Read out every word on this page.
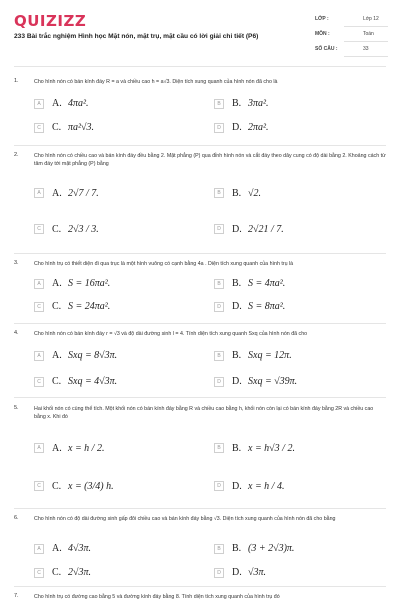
QUIZIZZ
233 Bài trắc nghiệm Hình học Mặt nón, mặt trụ, mặt cầu có lời giải chi tiết (P6)
LỚP :	Lớp 12
MÔN :	Toán
SỐ CÂU :	33
1.	Cho hình nón có bán kính đáy R = a và chiều cao h = a√3. Diện tích xung quanh của hình nón đã cho là
A	A. 4πa².	B	B. 3πa².
C	C. πa²√3.	D	D. 2πa².
2.	Cho hình nón có chiều cao và bán kính đáy đều bằng 2. Mặt phẳng (P) qua đỉnh hình nón và cắt đáy theo dây cung có độ dài bằng 2. Khoảng cách từ tâm đáy tới mặt phẳng (P) bằng
A	A. 2√7 / 7.	B	B. √2.
C	C. 2√3 / 3.	D	D. 2√21 / 7.
3.	Cho hình trụ có thiết diện đi qua trục là một hình vuông có cạnh bằng 4a . Diện tích xung quanh của hình trụ là
A	A. S = 16πa².	B	B. S = 4πa².
C	C. S = 24πa².	D	D. S = 8πa².
4.	Cho hình nón có bán kính đáy r = √3 và độ dài đường sinh l = 4. Tính diện tích xung quanh Sxq của hình nón đã cho
A	A. Sxq = 8√3π.	B	B. Sxq = 12π.
C	C. Sxq = 4√3π.	D	D. Sxq = √39π.
5.	Hai khối nón có cùng thể tích. Một khối nón có bán kính đáy bằng R và chiều cao bằng h, khối nón còn lại có bán kính đáy bằng 2R và chiều cao bằng x. Khi đó
A	A. x = h / 2.	B	B. x = h√3 / 2.
C	C. x = (3/4) h.	D	D. x = h / 4.
6.	Cho hình nón có độ dài đường sinh gấp đôi chiều cao và bán kính đáy bằng √3. Diện tích xung quanh của hình nón đã cho bằng
A	A. 4√3π.	B	B. (3 + 2√3)π.
C	C. 2√3π.	D	D. √3π.
7.	Cho hình trụ có đường cao bằng 5 và đường kính đáy bằng 8. Tính diện tích xung quanh của hình trụ đó
